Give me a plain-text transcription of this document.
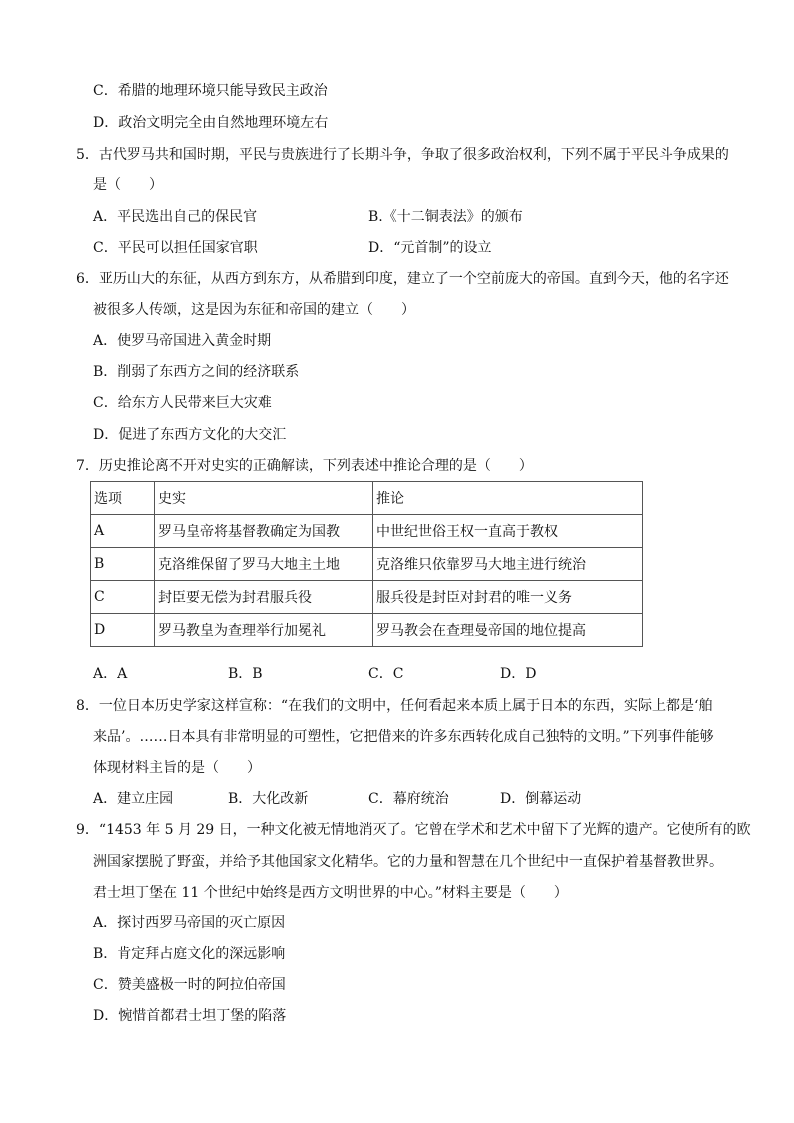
C．希腊的地理环境只能导致民主政治
D．政治文明完全由自然地理环境左右
5．古代罗马共和国时期，平民与贵族进行了长期斗争，争取了很多政治权利，下列不属于平民斗争成果的
是（　　）
A．平民选出自己的保民官	B.《十二铜表法》的颁布
C．平民可以担任国家官职	D．“元首制”的设立
6．亚历山大的东征，从西方到东方，从希腊到印度，建立了一个空前庞大的帝国。直到今天，他的名字还
被很多人传颂，这是因为东征和帝国的建立（　　）
A．使罗马帝国进入黄金时期
B．削弱了东西方之间的经济联系
C．给东方人民带来巨大灾难
D．促进了东西方文化的大交汇
7．历史推论离不开对史实的正确解读，下列表述中推论合理的是（　　）
选项	史实	推论
A	罗马皇帝将基督教确定为国教	中世纪世俗王权一直高于教权
B	克洛维保留了罗马大地主土地	克洛维只依靠罗马大地主进行统治
C	封臣要无偿为封君服兵役	服兵役是封臣对封君的唯一义务
D	罗马教皇为查理举行加冕礼	罗马教会在查理曼帝国的地位提高
A．A	B．B	C．C	D．D
8．一位日本历史学家这样宣称：“在我们的文明中，任何看起来本质上属于日本的东西，实际上都是‘舶
来品’。……日本具有非常明显的可塑性，它把借来的许多东西转化成自己独特的文明。”下列事件能够
体现材料主旨的是（　　）
A．建立庄园	B．大化改新	C．幕府统治	D．倒幕运动
9．“1453 年 5 月 29 日，一种文化被无情地消灭了。它曾在学术和艺术中留下了光辉的遗产。它使所有的欧
洲国家摆脱了野蛮，并给予其他国家文化精华。它的力量和智慧在几个世纪中一直保护着基督教世界。
君士坦丁堡在 11 个世纪中始终是西方文明世界的中心。”材料主要是（　　）
A．探讨西罗马帝国的灭亡原因
B．肯定拜占庭文化的深远影响
C．赞美盛极一时的阿拉伯帝国
D．惋惜首都君士坦丁堡的陷落
